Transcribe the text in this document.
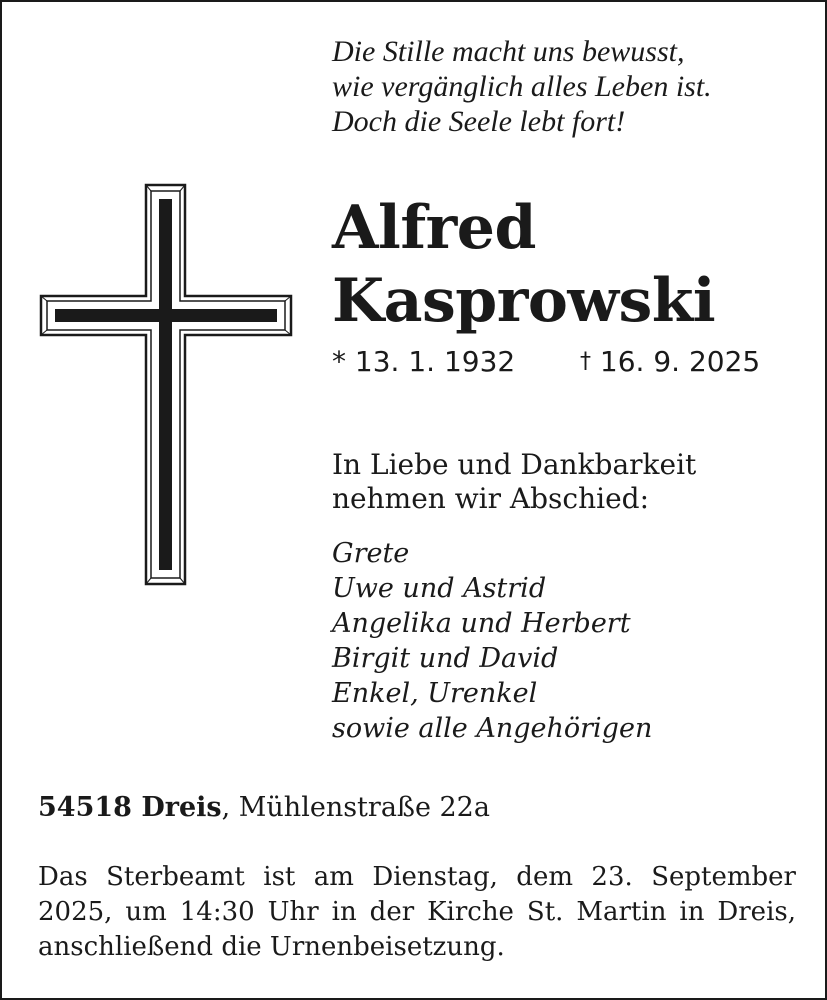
Die Stille macht uns bewusst,
wie vergänglich alles Leben ist.
Doch die Seele lebt fort!
Alfred
Kasprowski
* 13. 1. 1932	† 16. 9. 2025
In Liebe und Dankbarkeit
nehmen wir Abschied:
Grete
Uwe und Astrid
Angelika und Herbert
Birgit und David
Enkel, Urenkel
sowie alle Angehörigen
54518 Dreis, Mühlenstraße 22a
Das Sterbeamt ist am Dienstag, dem 23. September
2025, um 14:30 Uhr in der Kirche St. Martin in Dreis,
anschließend die Urnenbeisetzung.
